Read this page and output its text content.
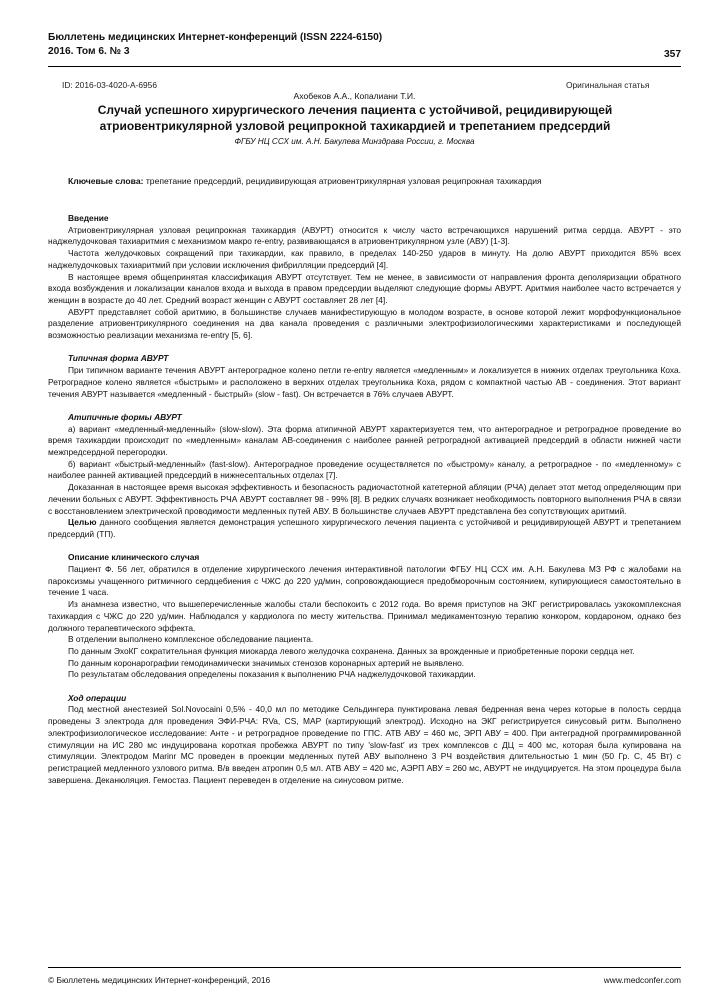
Бюллетень медицинских Интернет-конференций (ISSN 2224-6150)
2016. Том 6. № 3	357
ID: 2016-03-4020-A-6956	Оригинальная статья
Ахобеков А.А., Копалиани Т.И.
Случай успешного хирургического лечения пациента с устойчивой, рецидивирующей
атриовентрикулярной узловой реципрокной тахикардией и трепетанием предсердий
ФГБУ НЦ ССХ им. А.Н. Бакулева Минздрава России, г. Москва
Ключевые слова: трепетание предсердий, рецидивирующая атриовентрикулярная узловая реципрокная тахикардия
Введение

Атриовентрикулярная узловая реципрокная тахикардия (АВУРТ) относится к числу часто встречающихся нарушений ритма сердца. АВУРТ - это наджелудочковая тахиаритмия с механизмом макро re-entry, развивающаяся в атриовентрикулярном узле (АВУ) [1-3].

Частота желудочковых сокращений при тахикардии, как правило, в пределах 140-250 ударов в минуту. На долю АВУРТ приходится 85% всех наджелудочковых тахиаритмий при условии исключения фибрилляции предсердий [4].

В настоящее время общепринятая классификация АВУРТ отсутствует. Тем не менее, в зависимости от направления фронта деполяризации обратного входа возбуждения и локализации каналов входа и выхода в правом предсердии выделяют следующие формы АВУРТ. Аритмия наиболее часто встречается у женщин в возрасте до 40 лет. Средний возраст женщин с АВУРТ составляет 28 лет [4].

АВУРТ представляет собой аритмию, в большинстве случаев манифестирующую в молодом возрасте, в основе которой лежит морфофункциональное разделение атриовентрикулярного соединения на два канала проведения с различными электрофизиологическими характеристиками и последующей возможностью реализации механизма re-entry [5, 6].

Типичная форма АВУРТ

При типичном варианте течения АВУРТ антероградное колено петли re-entry является «медленным» и локализуется в нижних отделах треугольника Коха. Ретроградное колено является «быстрым» и расположено в верхних отделах треугольника Коха, рядом с компактной частью АВ - соединения. Этот вариант течения АВУРТ называется «медленный - быстрый» (slow - fast). Он встречается в 76% случаев АВУРТ.

Атипичные формы АВУРТ

а) вариант «медленный-медленный» (slow-slow). Эта форма атипичной АВУРТ характеризуется тем, что антероградное и ретроградное проведение во время тахикардии происходит по «медленным» каналам АВ-соединения с наиболее ранней ретроградной активацией предсердий в области нижней части межпредсердной перегородки.

б) вариант «быстрый-медленный» (fast-slow). Антероградное проведение осуществляется по «быстрому» каналу, а ретроградное - по «медленному» с наиболее ранней активацией предсердий в нижнесептальных отделах [7].

Доказанная в настоящее время высокая эффективность и безопасность радиочастотной катетерной абляции (РЧА) делает этот метод определяющим при лечении больных с АВУРТ. Эффективность РЧА АВУРТ составляет 98 - 99% [8]. В редких случаях возникает необходимость повторного выполнения РЧА в связи с восстановлением электрической проводимости медленных путей АВУ. В большинстве случаев АВУРТ представлена без сопутствующих аритмий.

Целью данного сообщения является демонстрация успешного хирургического лечения пациента с устойчивой и рецидивирующей АВУРТ и трепетанием предсердий (ТП).

Описание клинического случая

Пациент Ф. 56 лет, обратился в отделение хирургического лечения интерактивной патологии ФГБУ НЦ ССХ им. А.Н. Бакулева МЗ РФ с жалобами на пароксизмы учащенного ритмичного сердцебиения с ЧЖС до 220 уд/мин, сопровождающиеся предобморочным состоянием, купирующиеся самостоятельно в течение 1 часа.

Из анамнеза известно, что вышеперечисленные жалобы стали беспокоить с 2012 года. Во время приступов на ЭКГ регистрировалась узкокомплексная тахикардия с ЧЖС до 220 уд/мин. Наблюдался у кардиолога по месту жительства. Принимал медикаментозную терапию конкором, кордароном, однако без должного терапевтического эффекта.

В отделении выполнено комплексное обследование пациента.

По данным ЭхоКГ сократительная функция миокарда левого желудочка сохранена. Данных за врожденные и приобретенные пороки сердца нет.

По данным коронарографии гемодинамически значимых стенозов коронарных артерий не выявлено.

По результатам обследования определены показания к выполнению РЧА наджелудочковой тахикардии.

Ход операции

Под местной анестезией Sol.Novocaini 0,5% - 40,0 мл по методике Сельдингера пунктирована левая бедренная вена через которые в полость сердца проведены 3 электрода для проведения ЭФИ-РЧА: RVa, CS, MAP (картирующий электрод). Исходно на ЭКГ регистрируется синусовый ритм. Выполнено электрофизиологическое исследование: Анте - и ретроградное проведение по ГПС. АТВ АВУ = 460 мс, ЭРП АВУ = 400. При антеградной программированной стимуляции на ИС 280 мс индуцирована короткая пробежка АВУРТ по типу 'slow-fast' из трех комплексов с ДЦ = 400 мс, которая была купирована на стимуляции. Электродом Marinr MC проведен в проекции медленных путей АВУ выполнено 3 РЧ воздействия длительностью 1 мин (50 Гр. С, 45 Вт) с регистрацией медленного узлового ритма. В/в введен атропин 0,5 мл. АТВ АВУ = 420 мс, АЭРП АВУ = 260 мс, АВУРТ не индуцируется. На этом процедура была завершена. Деканюляция. Гемостаз. Пациент переведен в отделение на синусовом ритме.

© Бюллетень медицинских Интернет-конференций, 2016	www.medconfer.com
